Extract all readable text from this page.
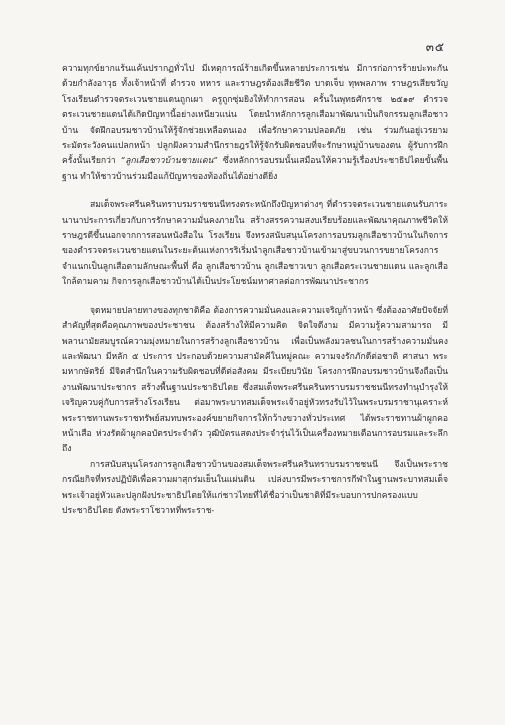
๓๕

ความทุกข์ยากแร้นแค้นปรากฏทั่วไป มีเหตุการณ์ร้ายเกิดขึ้นหลายประการเช่น มีการก่อการร้ายปะทะกันด้วยกำลังอาวุธ ทั้งเจ้าหน้าที่ ตำรวจ ทหาร และราษฎรต้องเสียชีวิต บาดเจ็บ ทุพพลภาพ ราษฎรเสียขวัญ โรงเรียนตำรวจตระเวนชายแดนถูกเผา ครูถูกซุ่มยิงให้ทำการสอน ครั้นในพุทธศักราช ๒๕๑๙ ตำรวจตระเวนชายแดนได้เกิดปัญหานี้อย่างเหนียวแน่น โดยนำหลักการลูกเสือมาพัฒนาเป็นกิจกรรมลูกเสือชาวบ้าน จัดฝึกอบรมชาวบ้านให้รู้จักช่วยเหลือตนเอง เพื่อรักษาความปลอดภัย เช่น ร่วมกันอยู่เวรยามระมัดระวังคนแปลกหน้า ปลูกฝังความสำนึกรายฎรให้รู้จักรับผิดชอบที่จะรักษาหมู่บ้านของตน ผู้รับการฝึกครั้งนั้นเรียกว่า “ลูกเสือชาวบ้านชายแดน” ซึ่งหลักการอบรมนั้นเสมือนให้ความรู้เรื่องประชาธิปไตยขั้นพื้นฐาน ทำให้ชาวบ้านร่วมมือแก้ปัญหาของท้องถิ่นได้อย่างดียิ่ง

สมเด็จพระศรีนครินทราบรมราชชนนีทรงตระหนักถึงปัญหาต่างๆ ที่ตำรวจตระเวนชายแดนรับภาระนานาประการเกี่ยวกับการรักษาความมั่นคงภายใน สร้างสรรความสงบเรียบร้อยและพัฒนาคุณภาพชีวิตให้ราษฎรดีขึ้นนอกจากการสอนหนังสือใน โรงเรียน จึงทรงสนับสนุนโครงการอบรมลูกเสือชาวบ้านในกิจการของตำรวจตระเวนชายแดนในระยะต้นแห่งการริเริ่มนำลูกเสือชาวบ้านเข้ามาสู่ขบวนการขยายโครงการ จำแนกเป็นลูกเสือตามลักษณะพื้นที่ คือ ลูกเสือชาวบ้าน ลูกเสือชาวเขา ลูกเสือตระเวนชายแดน และลูกเสือใกล้ตามคาม กิจการลูกเสือชาวบ้านได้เป็นประโยชน์มหาศาลต่อการพัฒนาประชากร

จุดหมายปลายทางของทุกชาติคือ ต้องการความมั่นคงและความเจริญก้าวหน้า ซึ่งต้องอาศัยปัจจัยที่สำคัญที่สุดคือคุณภาพของประชาชน ต้องสร้างให้มีความคิด จิตใจดีงาม มีความรู้ความสามารถ มีพลานามัยสมบูรณ์ความมุ่งหมายในการสร้างลูกเสือชาวบ้าน เพื่อเป็นพลังมวลชนในการสร้างความมั่นคงและพัฒนา มีหลัก ๕ ประการ ประกอบด้วยความสามัคคีในหมู่คณะ ความจงรักภักดีต่อชาติ ศาสนา พระมหากษัตริย์ มีจิตสำนึกในความรับผิดชอบที่ดีต่อสังคม มีระเบียบวินัย โครงการฝึกอบรมชาวบ้านจึงถือเป็นงานพัฒนาประชากร สร้างพื้นฐานประชาธิปไตย ซึ่งสมเด็จพระศรีนครินทราบรมราชชนนีทรงทำนุบำรุงให้เจริญควบคู่กับการสร้างโรงเรียน ต่อมาพระบาทสมเด็จพระเจ้าอยู่หัวทรงรับไว้ในพระบรมราชานุเคราะห์ พระราชทานพระราชทรัพย์สมทบพระองค์ขยายกิจการให้กว้างขวางทั่วประเทศ ได้พระราชทานผ้าผูกคอ หน้าเสือ ห่วงรัดผ้าผูกคอบัตรประจำตัว วุฒิบัตรแสดงประจำรุ่นไว้เป็นเครื่องหมายเตือนการอบรมและระลึกถึง

การสนับสนุนโครงการลูกเสือชาวบ้านของสมเด็จพระศรีนครินทราบรมราชชนนี จึงเป็นพระราชกรณียกิจที่ทรงปฏิบัติเพื่อความผาสุกร่มเย็นในแผ่นดิน เปล่งบารมีพระราชการกีฬาในฐานพระบาทสมเด็จพระเจ้าอยู่หัวและปลูกฝังประชาธิปไตยให้แก่ชาวไทยที่ได้ชื่อว่าเป็นชาติที่มีระบอบการปกครองแบบประชาธิปไตย ดังพระราโชวาทที่พระราช-
